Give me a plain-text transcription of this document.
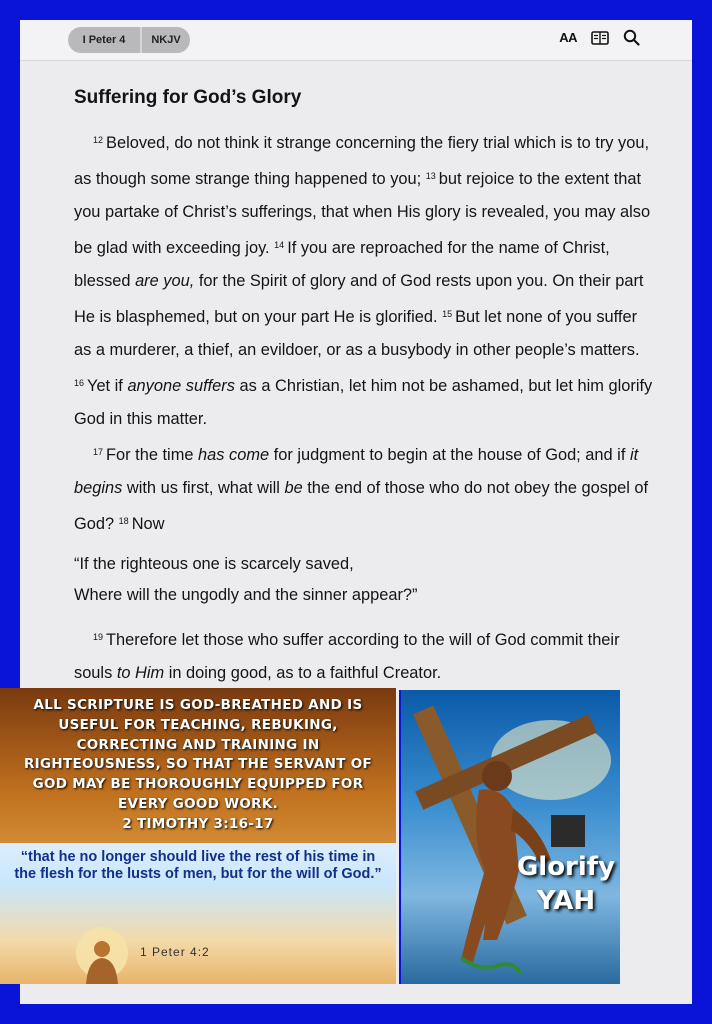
I Peter 4	NKJV	AA
Suffering for God’s Glory

$^{12}$ Beloved, do not think it strange concerning the fiery trial which is to try you, as though some strange thing happened to you; $^{13}$ but rejoice to the extent that you partake of Christ’s sufferings, that when His glory is revealed, you may also be glad with exceeding joy. $^{14}$ If you are reproached for the name of Christ, blessed are you, for the Spirit of glory and of God rests upon you. On their part He is blasphemed, but on your part He is glorified. $^{15}$ But let none of you suffer as a murderer, a thief, an evildoer, or as a busybody in other people’s matters. $^{16}$ Yet if anyone suffers as a Christian, let him not be ashamed, but let him glorify God in this matter.

$^{17}$ For the time has come for judgment to begin at the house of God; and if it begins with us first, what will be the end of those who do not obey the gospel of God? $^{18}$ Now

“If the righteous one is scarcely saved,
Where will the ungodly and the sinner appear?”

$^{19}$ Therefore let those who suffer according to the will of God commit their souls to Him in doing good, as to a faithful Creator.

ALL SCRIPTURE IS GOD-BREATHED AND IS USEFUL FOR TEACHING, REBUKING, CORRECTING AND TRAINING IN RIGHTEOUSNESS, SO THAT THE SERVANT OF GOD MAY BE THOROUGHLY EQUIPPED FOR EVERY GOOD WORK.
2 TIMOTHY 3:16-17
“that he no longer should live the rest of his time in the flesh for the lusts of men, but for the will of God.”
1 Peter 4:2
Glorify
YAH
